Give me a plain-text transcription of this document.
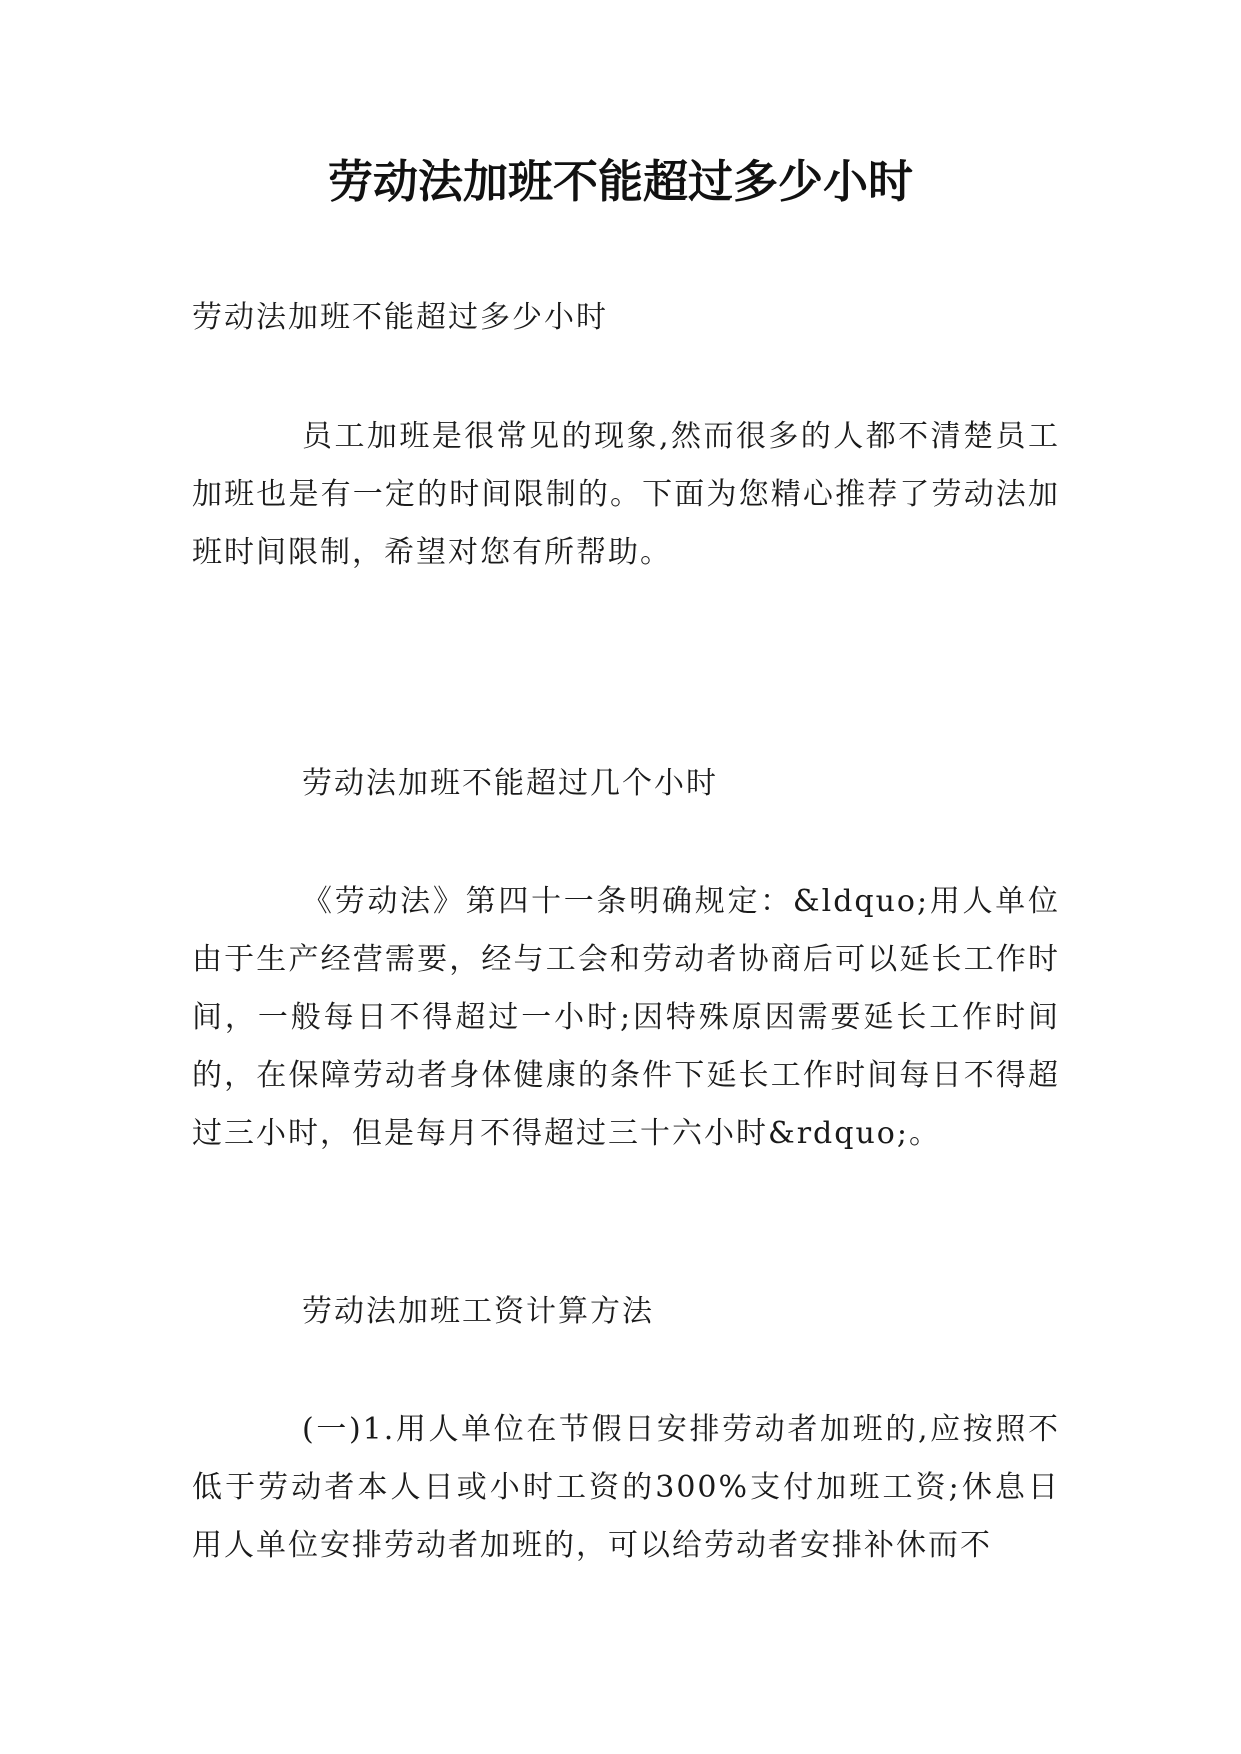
劳动法加班不能超过多少小时
劳动法加班不能超过多少小时

员工加班是很常见的现象,然而很多的人都不清楚员工加班也是有一定的时间限制的。下面为您精心推荐了劳动法加班时间限制，希望对您有所帮助。

劳动法加班不能超过几个小时

《劳动法》第四十一条明确规定：&ldquo;用人单位由于生产经营需要，经与工会和劳动者协商后可以延长工作时间，一般每日不得超过一小时;因特殊原因需要延长工作时间的，在保障劳动者身体健康的条件下延长工作时间每日不得超过三小时，但是每月不得超过三十六小时&rdquo;。

劳动法加班工资计算方法

(一)1.用人单位在节假日安排劳动者加班的,应按照不低于劳动者本人日或小时工资的300%支付加班工资;休息日用人单位安排劳动者加班的，可以给劳动者安排补休而不
